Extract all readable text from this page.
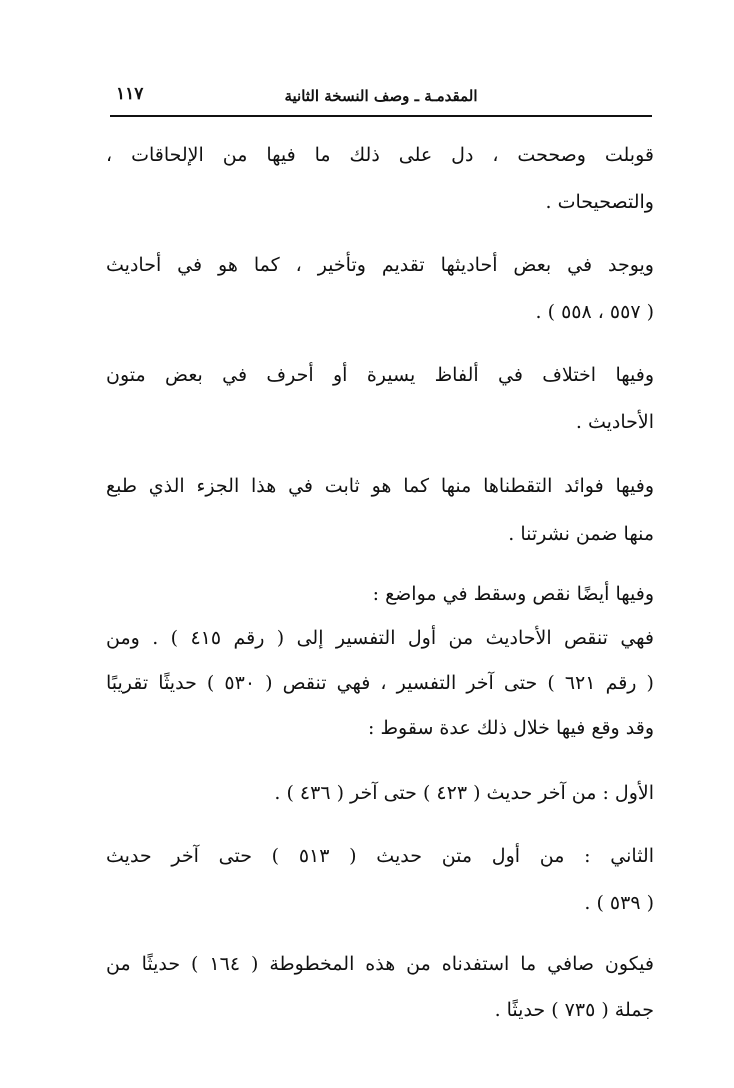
المقدمـة ـ وصف النسخة الثانية
١١٧
قوبلت وصححت ، دل على ذلك ما فيها من الإلحاقات ،
والتصحيحات .
ويوجد في بعض أحاديثها تقديم وتأخير ، كما هو في أحاديث
( ٥٥٧ ، ٥٥٨ ) .
وفيها اختلاف في ألفاظ يسيرة أو أحرف في بعض متون
الأحاديث .
وفيها فوائد التقطناها منها كما هو ثابت في هذا الجزء الذي طبع
منها ضمن نشرتنا .
وفيها أيضًا نقص وسقط في مواضع :
فهي تنقص الأحاديث من أول التفسير إلى ( رقم ٤١٥ ) . ومن
( رقم ٦٢١ ) حتى آخر التفسير ، فهي تنقص ( ٥٣٠ ) حديثًا تقريبًا
وقد وقع فيها خلال ذلك عدة سقوط :
الأول : من آخر حديث ( ٤٢٣ ) حتى آخر ( ٤٣٦ ) .
الثاني : من أول متن حديث ( ٥١٣ ) حتى آخر حديث
( ٥٣٩ ) .
فيكون صافي ما استفدناه من هذه المخطوطة ( ١٦٤ ) حديثًا من
جملة ( ٧٣٥ ) حديثًا .
